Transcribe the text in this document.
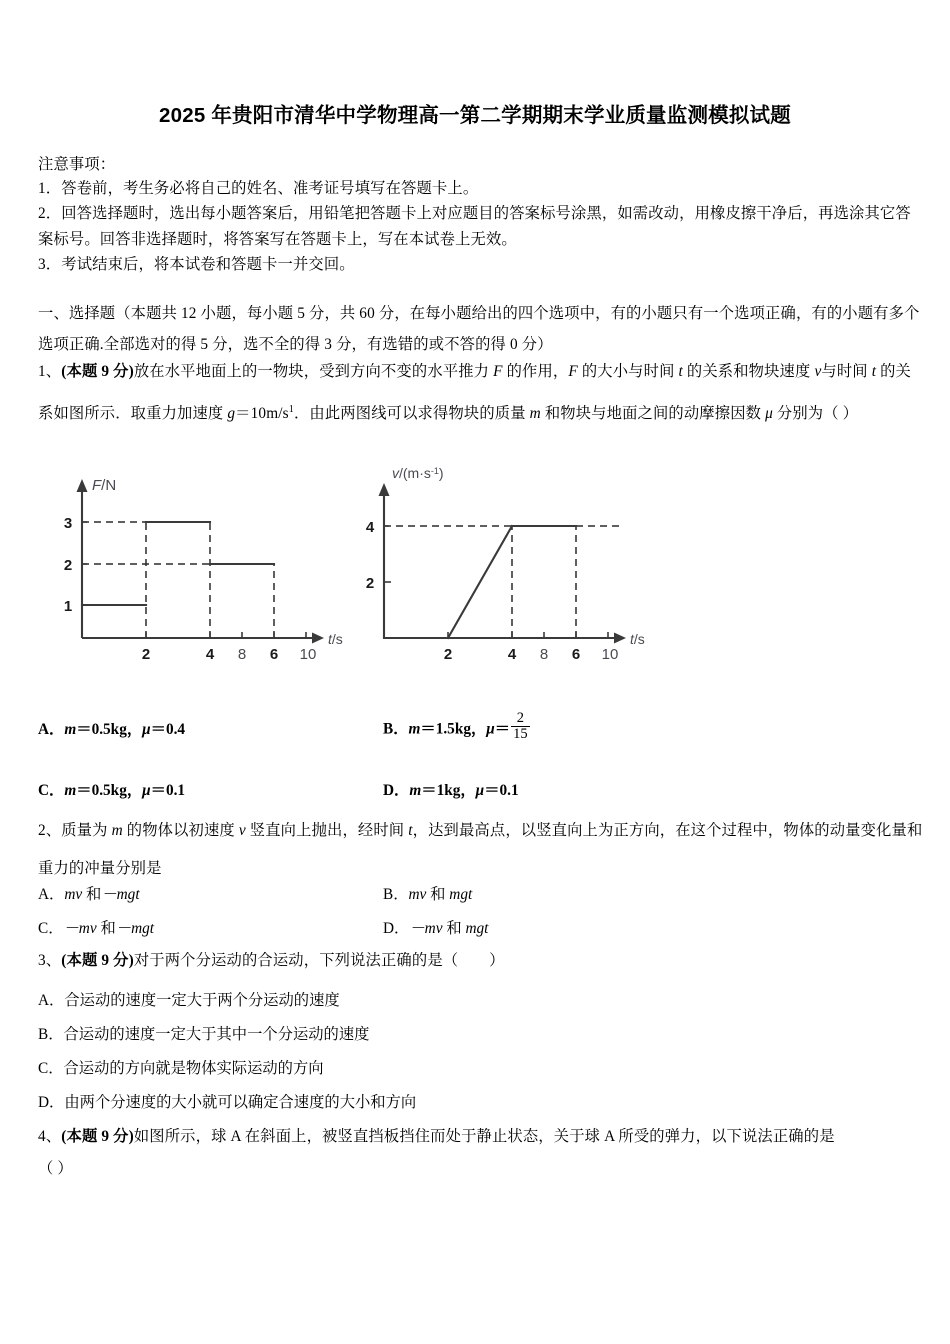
2025 年贵阳市清华中学物理高一第二学期期末学业质量监测模拟试题
注意事项：
1．答卷前，考生务必将自己的姓名、准考证号填写在答题卡上。
2．回答选择题时，选出每小题答案后，用铅笔把答题卡上对应题目的答案标号涂黑，如需改动，用橡皮擦干净后，再选涂其它答案标号。回答非选择题时，将答案写在答题卡上，写在本试卷上无效。
3．考试结束后，将本试卷和答题卡一并交回。
一、选择题（本题共 12 小题，每小题 5 分，共 60 分，在每小题给出的四个选项中，有的小题只有一个选项正确，有的小题有多个选项正确.全部选对的得 5 分，选不全的得 3 分，有选错的或不答的得 0 分）
1、(本题 9 分)放在水平地面上的一物块，受到方向不变的水平推力 F 的作用，F 的大小与时间 t 的关系和物块速度 v与时间 t 的关系如图所示．取重力加速度 $g=10m/s^1$．由此两图线可以求得物块的质量 m 和物块与地面之间的动摩擦因数 μ 分别为（ ）
3
2
1
2	4	6
8	10
F/N
t/s
4
2
2	4	6
8	10
$v/(m\cdot s^{-1})$
t/s
A．m＝0.5kg，μ＝0.4	B．m＝1.5kg，$\mu= \frac{2}{15}$
C．m＝0.5kg，μ＝0.1	D．m＝1kg，μ＝0.1
2、质量为 m 的物体以初速度 v 竖直向上抛出，经时间 t，达到最高点，以竖直向上为正方向，在这个过程中，物体的动量变化量和重力的冲量分别是
A．mv 和－mgt	B．mv 和 mgt
C．－mv 和－mgt	D．－mv 和 mgt
3、(本题 9 分)对于两个分运动的合运动，下列说法正确的是（　　）
A．合运动的速度一定大于两个分运动的速度
B．合运动的速度一定大于其中一个分运动的速度
C．合运动的方向就是物体实际运动的方向
D．由两个分速度的大小就可以确定合速度的大小和方向
4、(本题 9 分)如图所示，球 A 在斜面上，被竖直挡板挡住而处于静止状态，关于球 A 所受的弹力，以下说法正确的是
（ ）
